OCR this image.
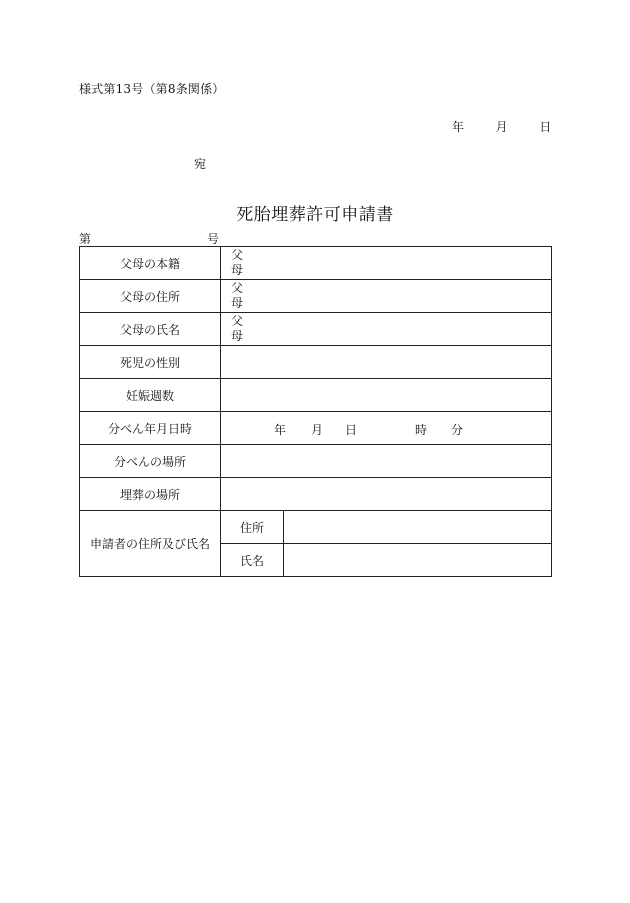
様式第13号（第8条関係）
年	月	日
宛
死胎埋葬許可申請書
第	号
父母の本籍	父
母	

父母の住所	父
母	

父母の氏名	父
母	

死児の性別		
妊娠週数		
分べん年月日時	年 月 日 時 分	

分べんの場所		
埋葬の場所		
申請者の住所及び氏名	住所	
	氏名	
